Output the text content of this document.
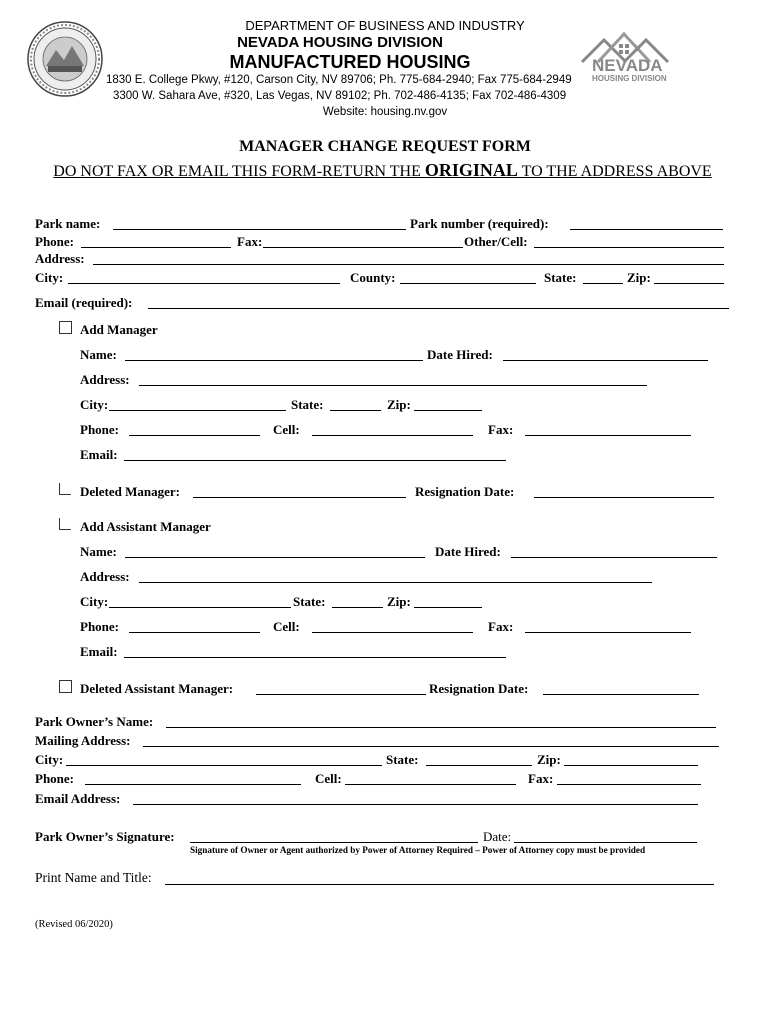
DEPARTMENT OF BUSINESS AND INDUSTRY
NEVADA HOUSING DIVISION
MANUFACTURED HOUSING
1830 E. College Pkwy, #120, Carson City, NV 89706; Ph. 775-684-2940; Fax 775-684-2949
3300 W. Sahara Ave, #320, Las Vegas, NV 89102; Ph. 702-486-4135; Fax 702-486-4309
Website: housing.nv.gov
NEVADA
HOUSING DIVISION
MANAGER CHANGE REQUEST FORM
DO NOT FAX OR EMAIL THIS FORM-RETURN THE ORIGINAL TO THE ADDRESS ABOVE
Park name:	Park number (required):
Phone:	Fax:	Other/Cell:
Address:
City:	County:	State:	Zip:
Email (required):
Add Manager
Name:	Date Hired:
Address:
City:	State:	Zip:
Phone:	Cell:	Fax:
Email:
Deleted Manager:	Resignation Date:
Add Assistant Manager
Name:	Date Hired:
Address:
City:	State:	Zip:
Phone:	Cell:	Fax:
Email:
Deleted Assistant Manager:	Resignation Date:
Park Owner’s Name:
Mailing Address:
City:	State:	Zip:
Phone:	Cell:	Fax:
Email Address:
Park Owner’s Signature:	Date:
Signature of Owner or Agent authorized by Power of Attorney Required – Power of Attorney copy must be provided
Print Name and Title:
(Revised 06/2020)
